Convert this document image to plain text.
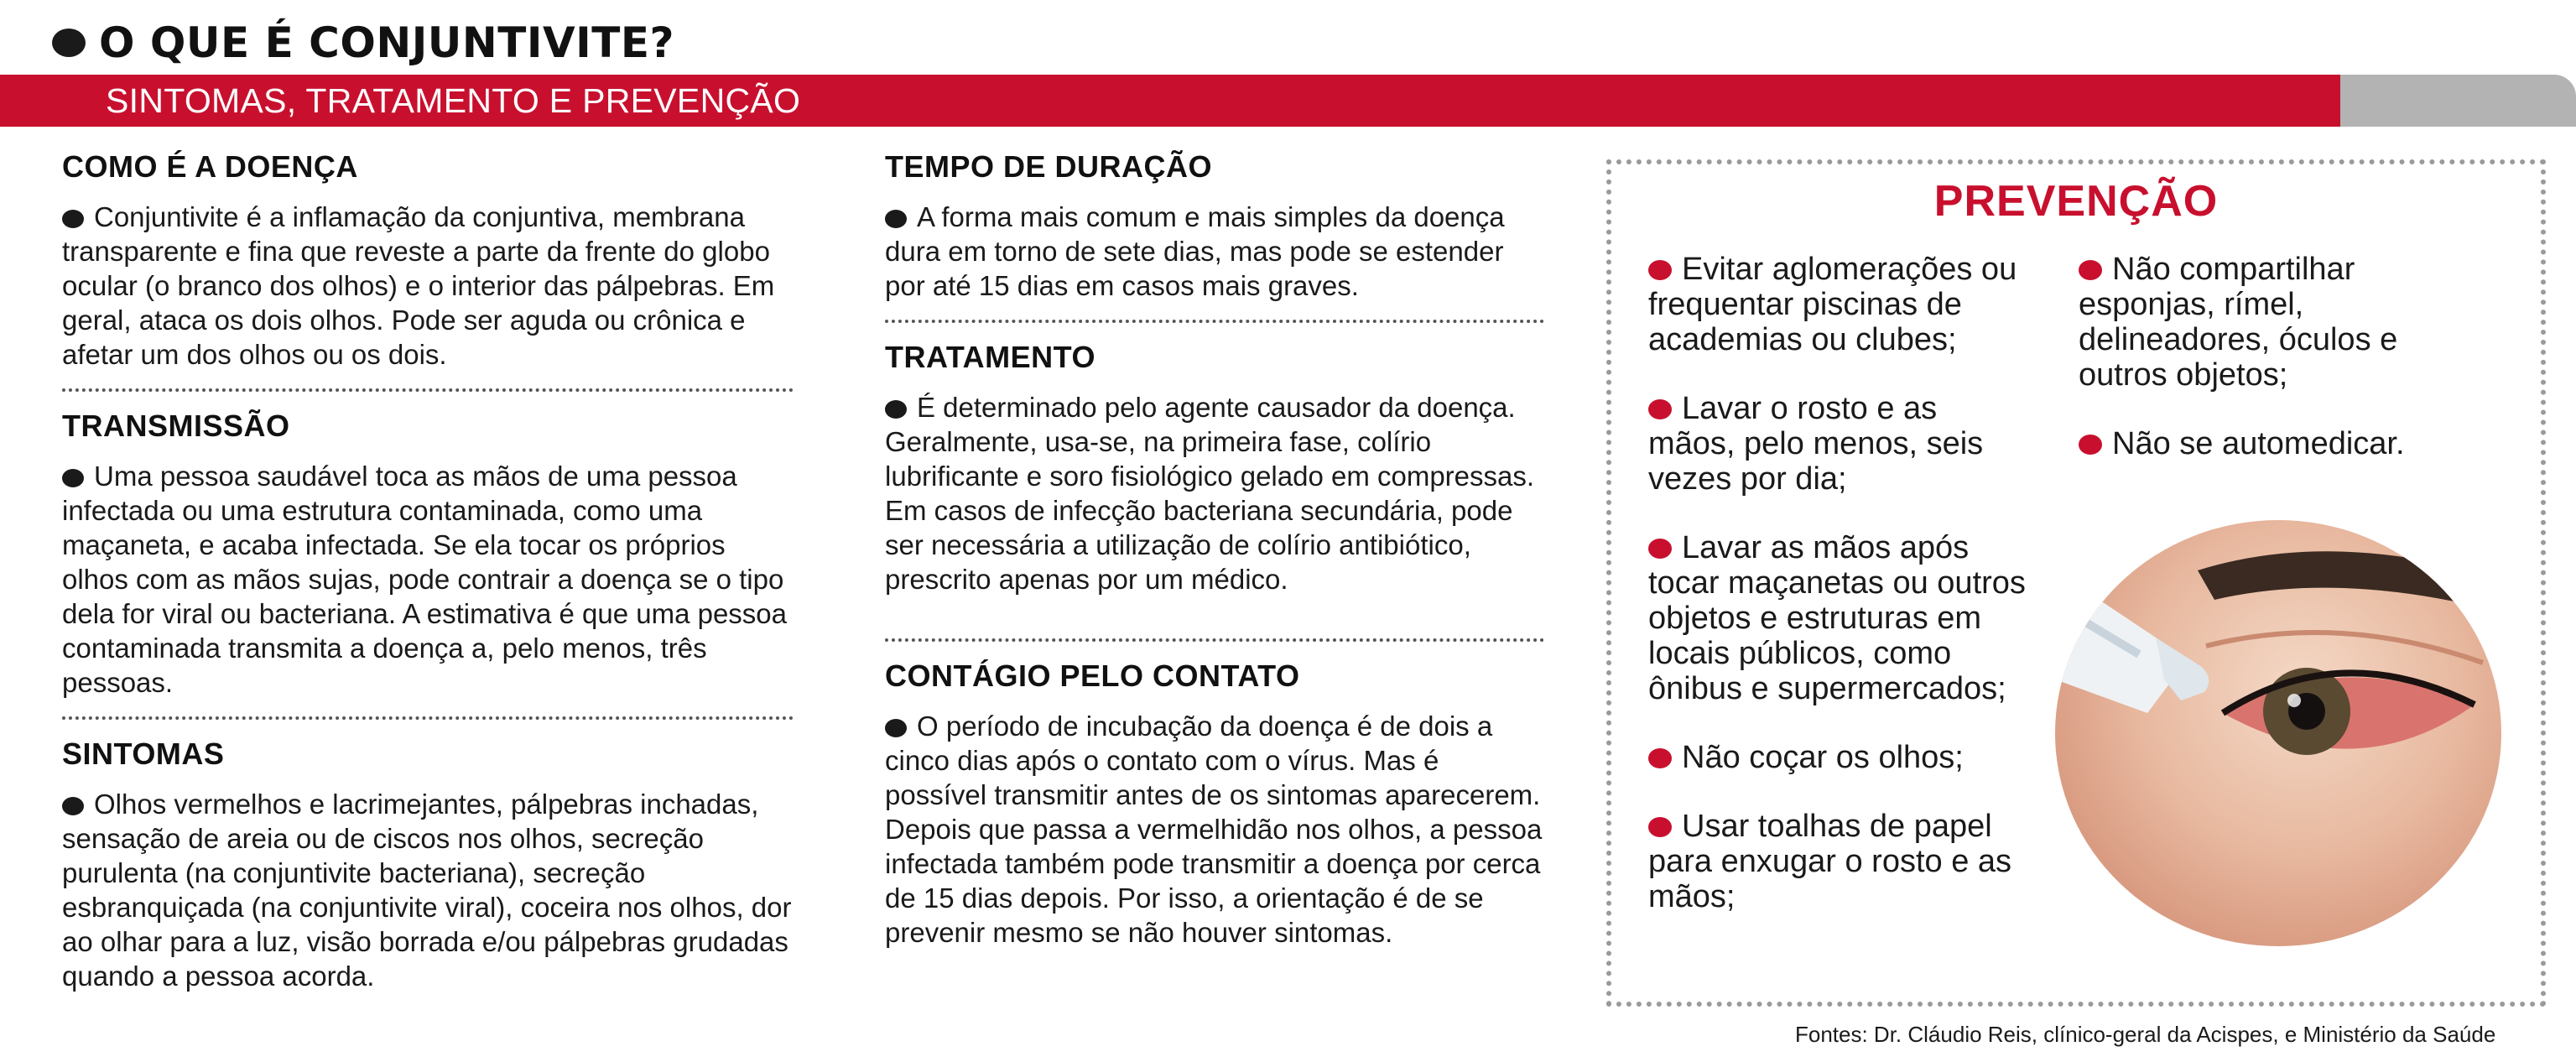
O QUE É CONJUNTIVITE?
SINTOMAS, TRATAMENTO E PREVENÇÃO
COMO É A DOENÇA

Conjuntivite é a inflamação da conjuntiva, membrana transparente e fina que reveste a parte da frente do globo ocular (o branco dos olhos) e o interior das pálpebras. Em geral, ataca os dois olhos. Pode ser aguda ou crônica e afetar um dos olhos ou os dois.

TRANSMISSÃO

Uma pessoa saudável toca as mãos de uma pessoa infectada ou uma estrutura contaminada, como uma maçaneta, e acaba infectada. Se ela tocar os próprios olhos com as mãos sujas, pode contrair a doença se o tipo dela for viral ou bacteriana. A estimativa é que uma pessoa contaminada transmita a doença a, pelo menos, três pessoas.

SINTOMAS

Olhos vermelhos e lacrimejantes, pálpebras inchadas, sensação de areia ou de ciscos nos olhos, secreção purulenta (na conjuntivite bacteriana), secreção esbranquiçada (na conjuntivite viral), coceira nos olhos, dor ao olhar para a luz, visão borrada e/ou pálpebras grudadas quando a pessoa acorda.

TEMPO DE DURAÇÃO

A forma mais comum e mais simples da doença dura em torno de sete dias, mas pode se estender por até 15 dias em casos mais graves.

TRATAMENTO

É determinado pelo agente causador da doença. Geralmente, usa-se, na primeira fase, colírio lubrificante e soro fisiológico gelado em compressas. Em casos de infecção bacteriana secundária, pode ser necessária a utilização de colírio antibiótico, prescrito apenas por um médico.

CONTÁGIO PELO CONTATO

O período de incubação da doença é de dois a cinco dias após o contato com o vírus. Mas é possível transmitir antes de os sintomas aparecerem. Depois que passa a vermelhidão nos olhos, a pessoa infectada também pode transmitir a doença por cerca de 15 dias depois. Por isso, a orientação é de se prevenir mesmo se não houver sintomas.

PREVENÇÃO

Evitar aglomerações ou frequentar piscinas de academias ou clubes;

Lavar o rosto e as mãos, pelo menos, seis vezes por dia;

Lavar as mãos após tocar maçanetas ou outros objetos e estruturas em locais públicos, como ônibus e supermercados;

Não coçar os olhos;

Usar toalhas de papel para enxugar o rosto e as mãos;

Não compartilhar esponjas, rímel, delineadores, óculos e outros objetos;

Não se automedicar.

Fontes: Dr. Cláudio Reis, clínico-geral da Acispes, e Ministério da Saúde
